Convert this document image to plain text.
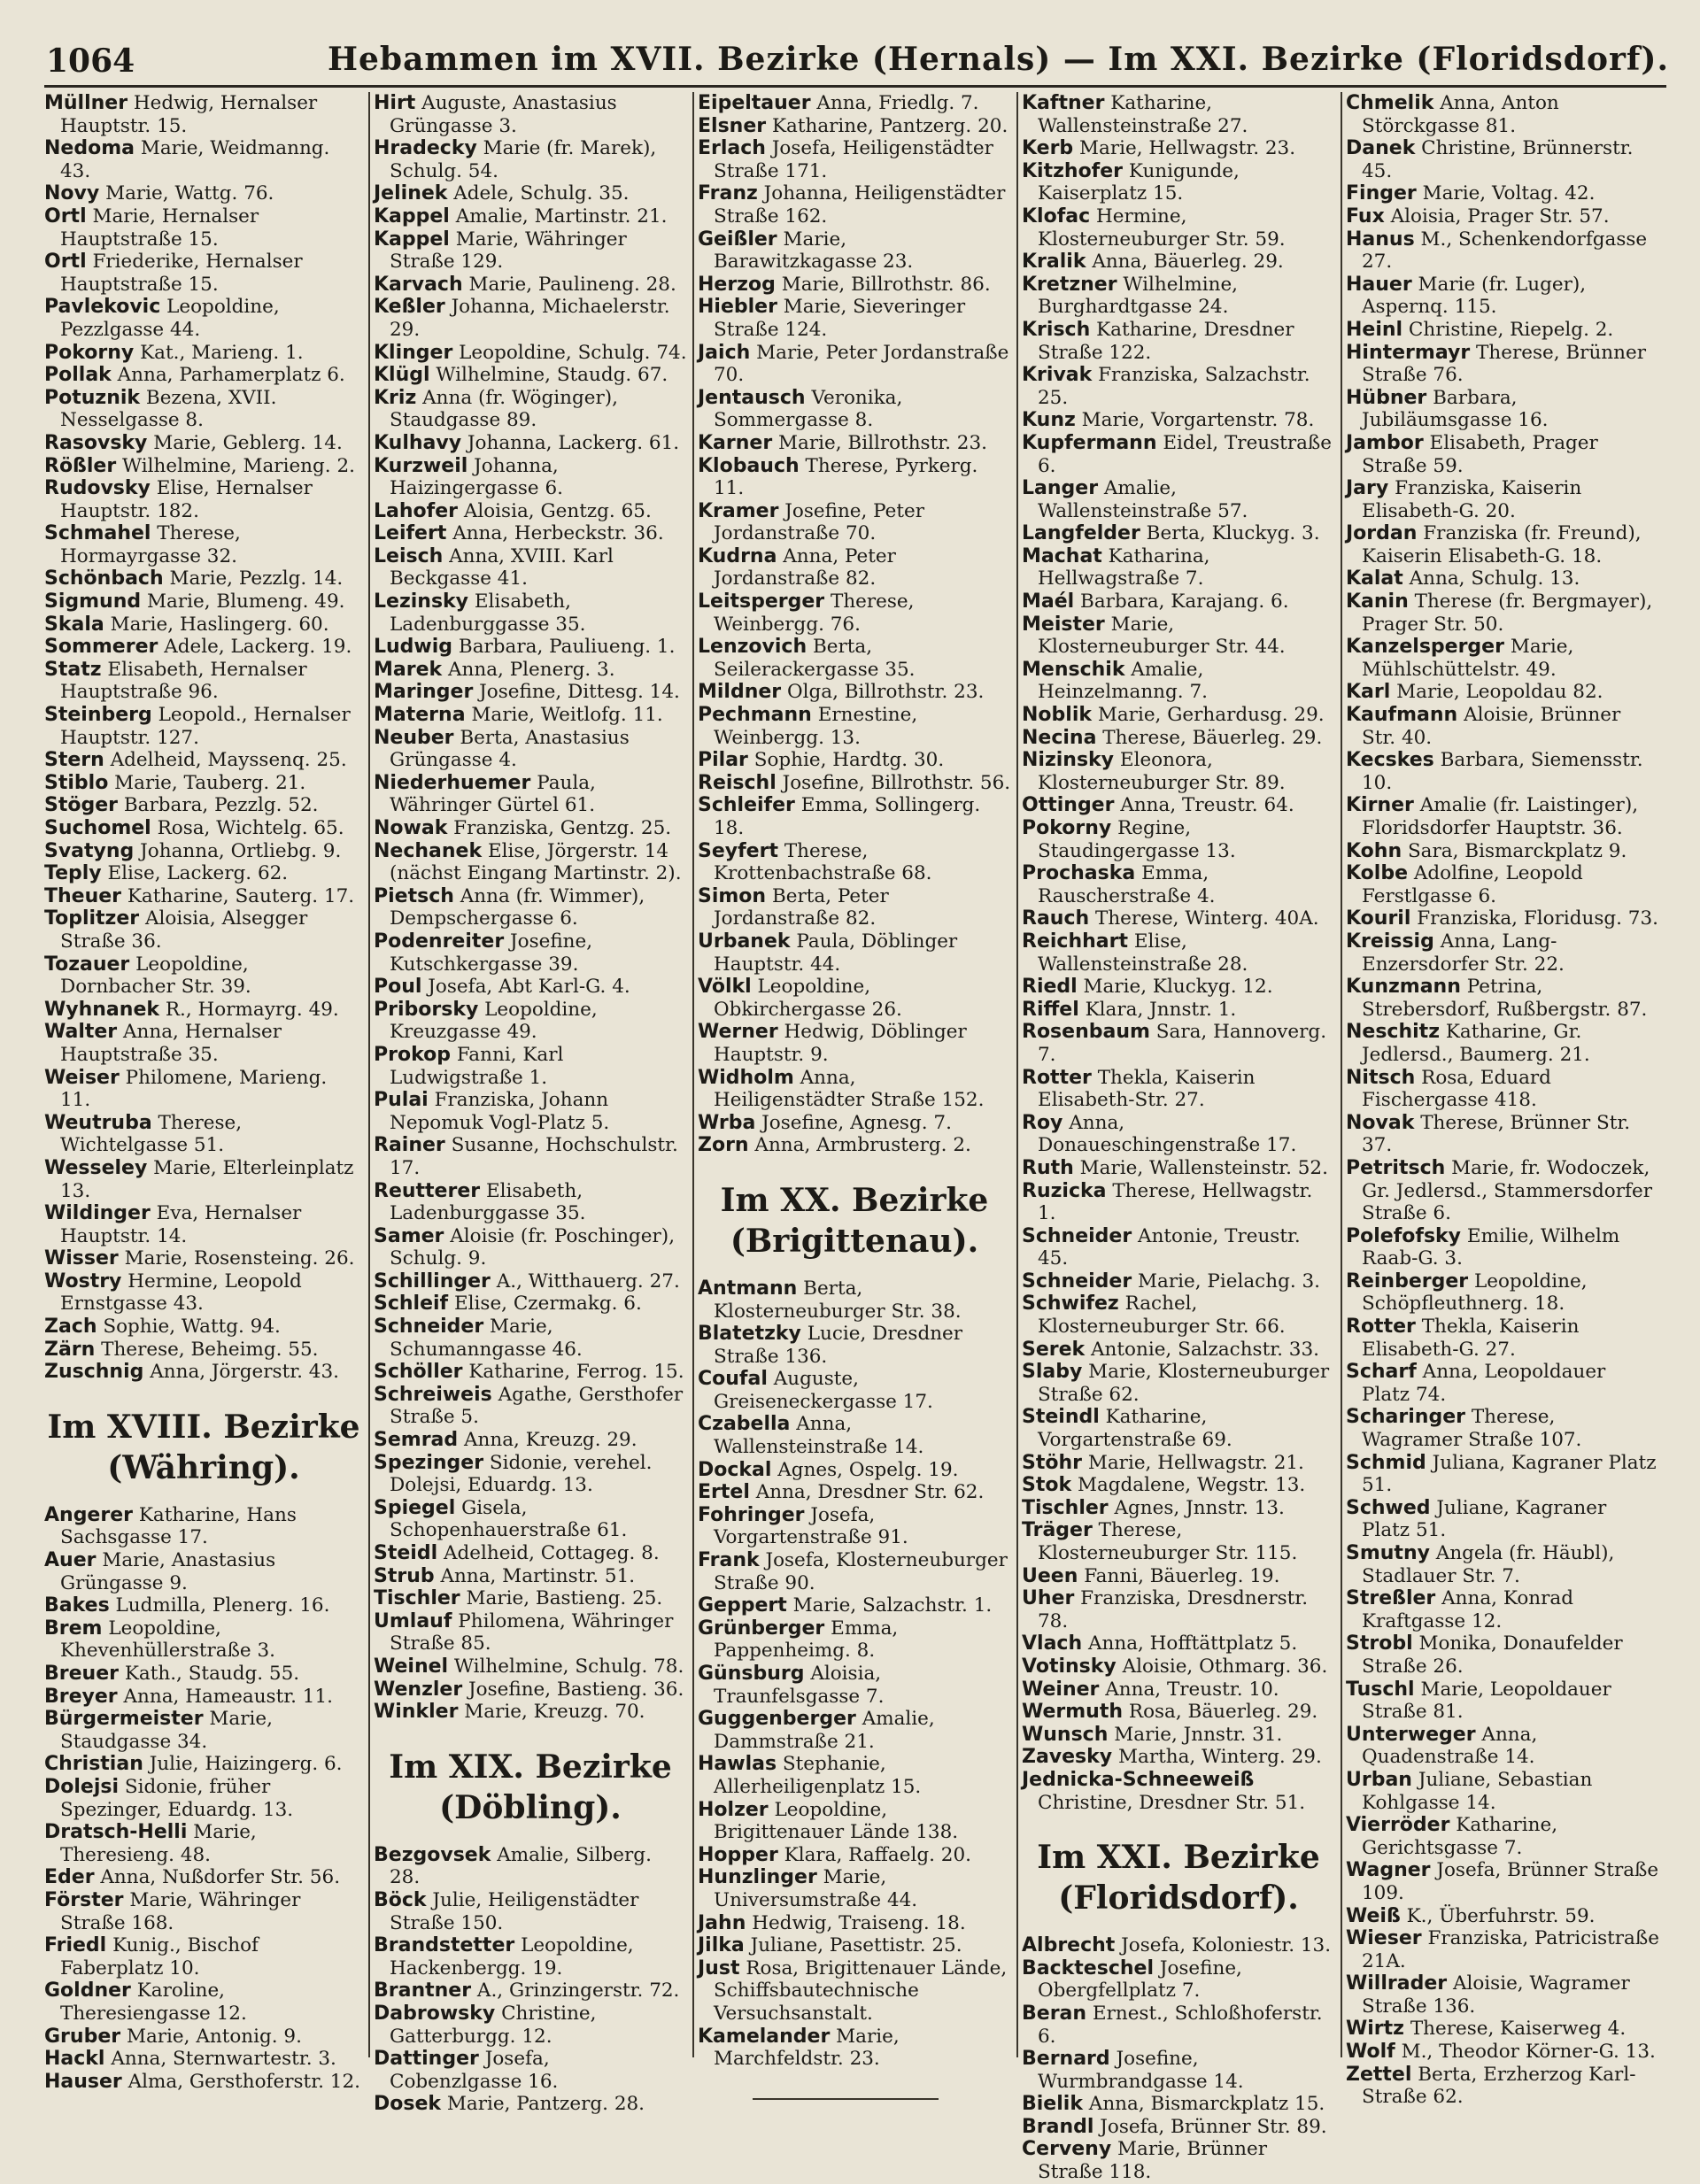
1064	Hebammen im XVII. Bezirke (Hernals) — Im XXI. Bezirke (Floridsdorf).
Müllner Hedwig, Hernalser Hauptstr. 15.
Nedoma Marie, Weidmanng. 43.
Novy Marie, Wattg. 76.
Ortl Marie, Hernalser Hauptstraße 15.
Ortl Friederike, Hernalser Hauptstraße 15.
Pavlekovic Leopoldine, Pezzlgasse 44.
Pokorny Kat., Marieng. 1.
Pollak Anna, Parhamerplatz 6.
Potuznik Bezena, XVII. Nesselgasse 8.
Rasovsky Marie, Geblerg. 14.
Rößler Wilhelmine, Marieng. 2.
Rudovsky Elise, Hernalser Hauptstr. 182.
Schmahel Therese, Hormayrgasse 32.
Schönbach Marie, Pezzlg. 14.
Sigmund Marie, Blumeng. 49.
Skala Marie, Haslingerg. 60.
Sommerer Adele, Lackerg. 19.
Statz Elisabeth, Hernalser Hauptstraße 96.
Steinberg Leopold., Hernalser Hauptstr. 127.
Stern Adelheid, Mayssenq. 25.
Stiblo Marie, Tauberg. 21.
Stöger Barbara, Pezzlg. 52.
Suchomel Rosa, Wichtelg. 65.
Svatyng Johanna, Ortliebg. 9.
Teply Elise, Lackerg. 62.
Theuer Katharine, Sauterg. 17.
Toplitzer Aloisia, Alsegger Straße 36.
Tozauer Leopoldine, Dornbacher Str. 39.
Wyhnanek R., Hormayrg. 49.
Walter Anna, Hernalser Hauptstraße 35.
Weiser Philomene, Marieng. 11.
Weutruba Therese, Wichtelgasse 51.
Wesseley Marie, Elterleinplatz 13.
Wildinger Eva, Hernalser Hauptstr. 14.
Wisser Marie, Rosensteing. 26.
Wostry Hermine, Leopold Ernstgasse 43.
Zach Sophie, Wattg. 94.
Zärn Therese, Beheimg. 55.
Zuschnig Anna, Jörgerstr. 43.
Im XVIII. Bezirke (Währing).
Angerer Katharine, Hans Sachsgasse 17.
Auer Marie, Anastasius Grüngasse 9.
Bakes Ludmilla, Plenerg. 16.
Brem Leopoldine, Khevenhüllerstraße 3.
Breuer Kath., Staudg. 55.
Breyer Anna, Hameaustr. 11.
Bürgermeister Marie, Staudgasse 34.
Christian Julie, Haizingerg. 6.
Dolejsi Sidonie, früher Spezinger, Eduardg. 13.
Dratsch-Helli Marie, Theresieng. 48.
Eder Anna, Nußdorfer Str. 56.
Förster Marie, Währinger Straße 168.
Friedl Kunig., Bischof Faberplatz 10.
Goldner Karoline, Theresiengasse 12.
Gruber Marie, Antonig. 9.
Hackl Anna, Sternwartestr. 3.
Hauser Alma, Gersthoferstr. 12.
Hirt Auguste, Anastasius Grüngasse 3.
Hradecky Marie (fr. Marek), Schulg. 54.
Jelinek Adele, Schulg. 35.
Kappel Amalie, Martinstr. 21.
Kappel Marie, Währinger Straße 129.
Karvach Marie, Paulineng. 28.
Keßler Johanna, Michaelerstr. 29.
Klinger Leopoldine, Schulg. 74.
Klügl Wilhelmine, Staudg. 67.
Kriz Anna (fr. Wöginger), Staudgasse 89.
Kulhavy Johanna, Lackerg. 61.
Kurzweil Johanna, Haizingergasse 6.
Lahofer Aloisia, Gentzg. 65.
Leifert Anna, Herbeckstr. 36.
Leisch Anna, XVIII. Karl Beckgasse 41.
Lezinsky Elisabeth, Ladenburggasse 35.
Ludwig Barbara, Pauliueng. 1.
Marek Anna, Plenerg. 3.
Maringer Josefine, Dittesg. 14.
Materna Marie, Weitlofg. 11.
Neuber Berta, Anastasius Grüngasse 4.
Niederhuemer Paula, Währinger Gürtel 61.
Nowak Franziska, Gentzg. 25.
Nechanek Elise, Jörgerstr. 14 (nächst Eingang Martinstr. 2).
Pietsch Anna (fr. Wimmer), Dempschergasse 6.
Podenreiter Josefine, Kutschkergasse 39.
Poul Josefa, Abt Karl-G. 4.
Priborsky Leopoldine, Kreuzgasse 49.
Prokop Fanni, Karl Ludwigstraße 1.
Pulai Franziska, Johann Nepomuk Vogl-Platz 5.
Rainer Susanne, Hochschulstr. 17.
Reutterer Elisabeth, Ladenburggasse 35.
Samer Aloisie (fr. Poschinger), Schulg. 9.
Schillinger A., Witthauerg. 27.
Schleif Elise, Czermakg. 6.
Schneider Marie, Schumanngasse 46.
Schöller Katharine, Ferrog. 15.
Schreiweis Agathe, Gersthofer Straße 5.
Semrad Anna, Kreuzg. 29.
Spezinger Sidonie, verehel. Dolejsi, Eduardg. 13.
Spiegel Gisela, Schopenhauerstraße 61.
Steidl Adelheid, Cottageg. 8.
Strub Anna, Martinstr. 51.
Tischler Marie, Bastieng. 25.
Umlauf Philomena, Währinger Straße 85.
Weinel Wilhelmine, Schulg. 78.
Wenzler Josefine, Bastieng. 36.
Winkler Marie, Kreuzg. 70.
Im XIX. Bezirke (Döbling).
Bezgovsek Amalie, Silberg. 28.
Böck Julie, Heiligenstädter Straße 150.
Brandstetter Leopoldine, Hackenbergg. 19.
Brantner A., Grinzingerstr. 72.
Dabrowsky Christine, Gatterburgg. 12.
Dattinger Josefa, Cobenzlgasse 16.
Dosek Marie, Pantzerg. 28.
Eipeltauer Anna, Friedlg. 7.
Elsner Katharine, Pantzerg. 20.
Erlach Josefa, Heiligenstädter Straße 171.
Franz Johanna, Heiligenstädter Straße 162.
Geißler Marie, Barawitzkagasse 23.
Herzog Marie, Billrothstr. 86.
Hiebler Marie, Sieveringer Straße 124.
Jaich Marie, Peter Jordanstraße 70.
Jentausch Veronika, Sommergasse 8.
Karner Marie, Billrothstr. 23.
Klobauch Therese, Pyrkerg. 11.
Kramer Josefine, Peter Jordanstraße 70.
Kudrna Anna, Peter Jordanstraße 82.
Leitsperger Therese, Weinbergg. 76.
Lenzovich Berta, Seilerackergasse 35.
Mildner Olga, Billrothstr. 23.
Pechmann Ernestine, Weinbergg. 13.
Pilar Sophie, Hardtg. 30.
Reischl Josefine, Billrothstr. 56.
Schleifer Emma, Sollingerg. 18.
Seyfert Therese, Krottenbachstraße 68.
Simon Berta, Peter Jordanstraße 82.
Urbanek Paula, Döblinger Hauptstr. 44.
Völkl Leopoldine, Obkirchergasse 26.
Werner Hedwig, Döblinger Hauptstr. 9.
Widholm Anna, Heiligenstädter Straße 152.
Wrba Josefine, Agnesg. 7.
Zorn Anna, Armbrusterg. 2.
Im XX. Bezirke (Brigittenau).
Antmann Berta, Klosterneuburger Str. 38.
Blatetzky Lucie, Dresdner Straße 136.
Coufal Auguste, Greiseneckergasse 17.
Czabella Anna, Wallensteinstraße 14.
Dockal Agnes, Ospelg. 19.
Ertel Anna, Dresdner Str. 62.
Fohringer Josefa, Vorgartenstraße 91.
Frank Josefa, Klosterneuburger Straße 90.
Geppert Marie, Salzachstr. 1.
Grünberger Emma, Pappenheimg. 8.
Günsburg Aloisia, Traunfelsgasse 7.
Guggenberger Amalie, Dammstraße 21.
Hawlas Stephanie, Allerheiligenplatz 15.
Holzer Leopoldine, Brigittenauer Lände 138.
Hopper Klara, Raffaelg. 20.
Hunzlinger Marie, Universumstraße 44.
Jahn Hedwig, Traiseng. 18.
Jilka Juliane, Pasettistr. 25.
Just Rosa, Brigittenauer Lände, Schiffsbautechnische Versuchsanstalt.
Kamelander Marie, Marchfeldstr. 23.
Kaftner Katharine, Wallensteinstraße 27.
Kerb Marie, Hellwagstr. 23.
Kitzhofer Kunigunde, Kaiserplatz 15.
Klofac Hermine, Klosterneuburger Str. 59.
Kralik Anna, Bäuerleg. 29.
Kretzner Wilhelmine, Burghardtgasse 24.
Krisch Katharine, Dresdner Straße 122.
Krivak Franziska, Salzachstr. 25.
Kunz Marie, Vorgartenstr. 78.
Kupfermann Eidel, Treustraße 6.
Langer Amalie, Wallensteinstraße 57.
Langfelder Berta, Kluckyg. 3.
Machat Katharina, Hellwagstraße 7.
Maél Barbara, Karajang. 6.
Meister Marie, Klosterneuburger Str. 44.
Menschik Amalie, Heinzelmanng. 7.
Noblik Marie, Gerhardusg. 29.
Necina Therese, Bäuerleg. 29.
Nizinsky Eleonora, Klosterneuburger Str. 89.
Ottinger Anna, Treustr. 64.
Pokorny Regine, Staudingergasse 13.
Prochaska Emma, Rauscherstraße 4.
Rauch Therese, Winterg. 40A.
Reichhart Elise, Wallensteinstraße 28.
Riedl Marie, Kluckyg. 12.
Riffel Klara, Jnnstr. 1.
Rosenbaum Sara, Hannoverg. 7.
Rotter Thekla, Kaiserin Elisabeth-Str. 27.
Roy Anna, Donaueschingenstraße 17.
Ruth Marie, Wallensteinstr. 52.
Ruzicka Therese, Hellwagstr. 1.
Schneider Antonie, Treustr. 45.
Schneider Marie, Pielachg. 3.
Schwifez Rachel, Klosterneuburger Str. 66.
Serek Antonie, Salzachstr. 33.
Slaby Marie, Klosterneuburger Straße 62.
Steindl Katharine, Vorgartenstraße 69.
Stöhr Marie, Hellwagstr. 21.
Stok Magdalene, Wegstr. 13.
Tischler Agnes, Jnnstr. 13.
Träger Therese, Klosterneuburger Str. 115.
Ueen Fanni, Bäuerleg. 19.
Uher Franziska, Dresdnerstr. 78.
Vlach Anna, Hofftättplatz 5.
Votinsky Aloisie, Othmarg. 36.
Weiner Anna, Treustr. 10.
Wermuth Rosa, Bäuerleg. 29.
Wunsch Marie, Jnnstr. 31.
Zavesky Martha, Winterg. 29.
Jednicka-Schneeweiß Christine, Dresdner Str. 51.
Im XXI. Bezirke (Floridsdorf).
Albrecht Josefa, Koloniestr. 13.
Backteschel Josefine, Obergfellplatz 7.
Beran Ernest., Schloßhoferstr. 6.
Bernard Josefine, Wurmbrandgasse 14.
Bielik Anna, Bismarckplatz 15.
Brandl Josefa, Brünner Str. 89.
Cerveny Marie, Brünner Straße 118.
Chmelik Anna, Anton Störckgasse 81.
Danek Christine, Brünnerstr. 45.
Finger Marie, Voltag. 42.
Fux Aloisia, Prager Str. 57.
Hanus M., Schenkendorfgasse 27.
Hauer Marie (fr. Luger), Aspernq. 115.
Heinl Christine, Riepelg. 2.
Hintermayr Therese, Brünner Straße 76.
Hübner Barbara, Jubiläumsgasse 16.
Jambor Elisabeth, Prager Straße 59.
Jary Franziska, Kaiserin Elisabeth-G. 20.
Jordan Franziska (fr. Freund), Kaiserin Elisabeth-G. 18.
Kalat Anna, Schulg. 13.
Kanin Therese (fr. Bergmayer), Prager Str. 50.
Kanzelsperger Marie, Mühlschüttelstr. 49.
Karl Marie, Leopoldau 82.
Kaufmann Aloisie, Brünner Str. 40.
Kecskes Barbara, Siemensstr. 10.
Kirner Amalie (fr. Laistinger), Floridsdorfer Hauptstr. 36.
Kohn Sara, Bismarckplatz 9.
Kolbe Adolfine, Leopold Ferstlgasse 6.
Kouril Franziska, Floridusg. 73.
Kreissig Anna, Lang-Enzersdorfer Str. 22.
Kunzmann Petrina, Strebersdorf, Rußbergstr. 87.
Neschitz Katharine, Gr. Jedlersd., Baumerg. 21.
Nitsch Rosa, Eduard Fischergasse 418.
Novak Therese, Brünner Str. 37.
Petritsch Marie, fr. Wodoczek, Gr. Jedlersd., Stammersdorfer Straße 6.
Polefofsky Emilie, Wilhelm Raab-G. 3.
Reinberger Leopoldine, Schöpfleuthnerg. 18.
Rotter Thekla, Kaiserin Elisabeth-G. 27.
Scharf Anna, Leopoldauer Platz 74.
Scharinger Therese, Wagramer Straße 107.
Schmid Juliana, Kagraner Platz 51.
Schwed Juliane, Kagraner Platz 51.
Smutny Angela (fr. Häubl), Stadlauer Str. 7.
Streßler Anna, Konrad Kraftgasse 12.
Strobl Monika, Donaufelder Straße 26.
Tuschl Marie, Leopoldauer Straße 81.
Unterweger Anna, Quadenstraße 14.
Urban Juliane, Sebastian Kohlgasse 14.
Vierröder Katharine, Gerichtsgasse 7.
Wagner Josefa, Brünner Straße 109.
Weiß K., Überfuhrstr. 59.
Wieser Franziska, Patricistraße 21A.
Willrader Aloisie, Wagramer Straße 136.
Wirtz Therese, Kaiserweg 4.
Wolf M., Theodor Körner-G. 13.
Zettel Berta, Erzherzog Karl-Straße 62.
